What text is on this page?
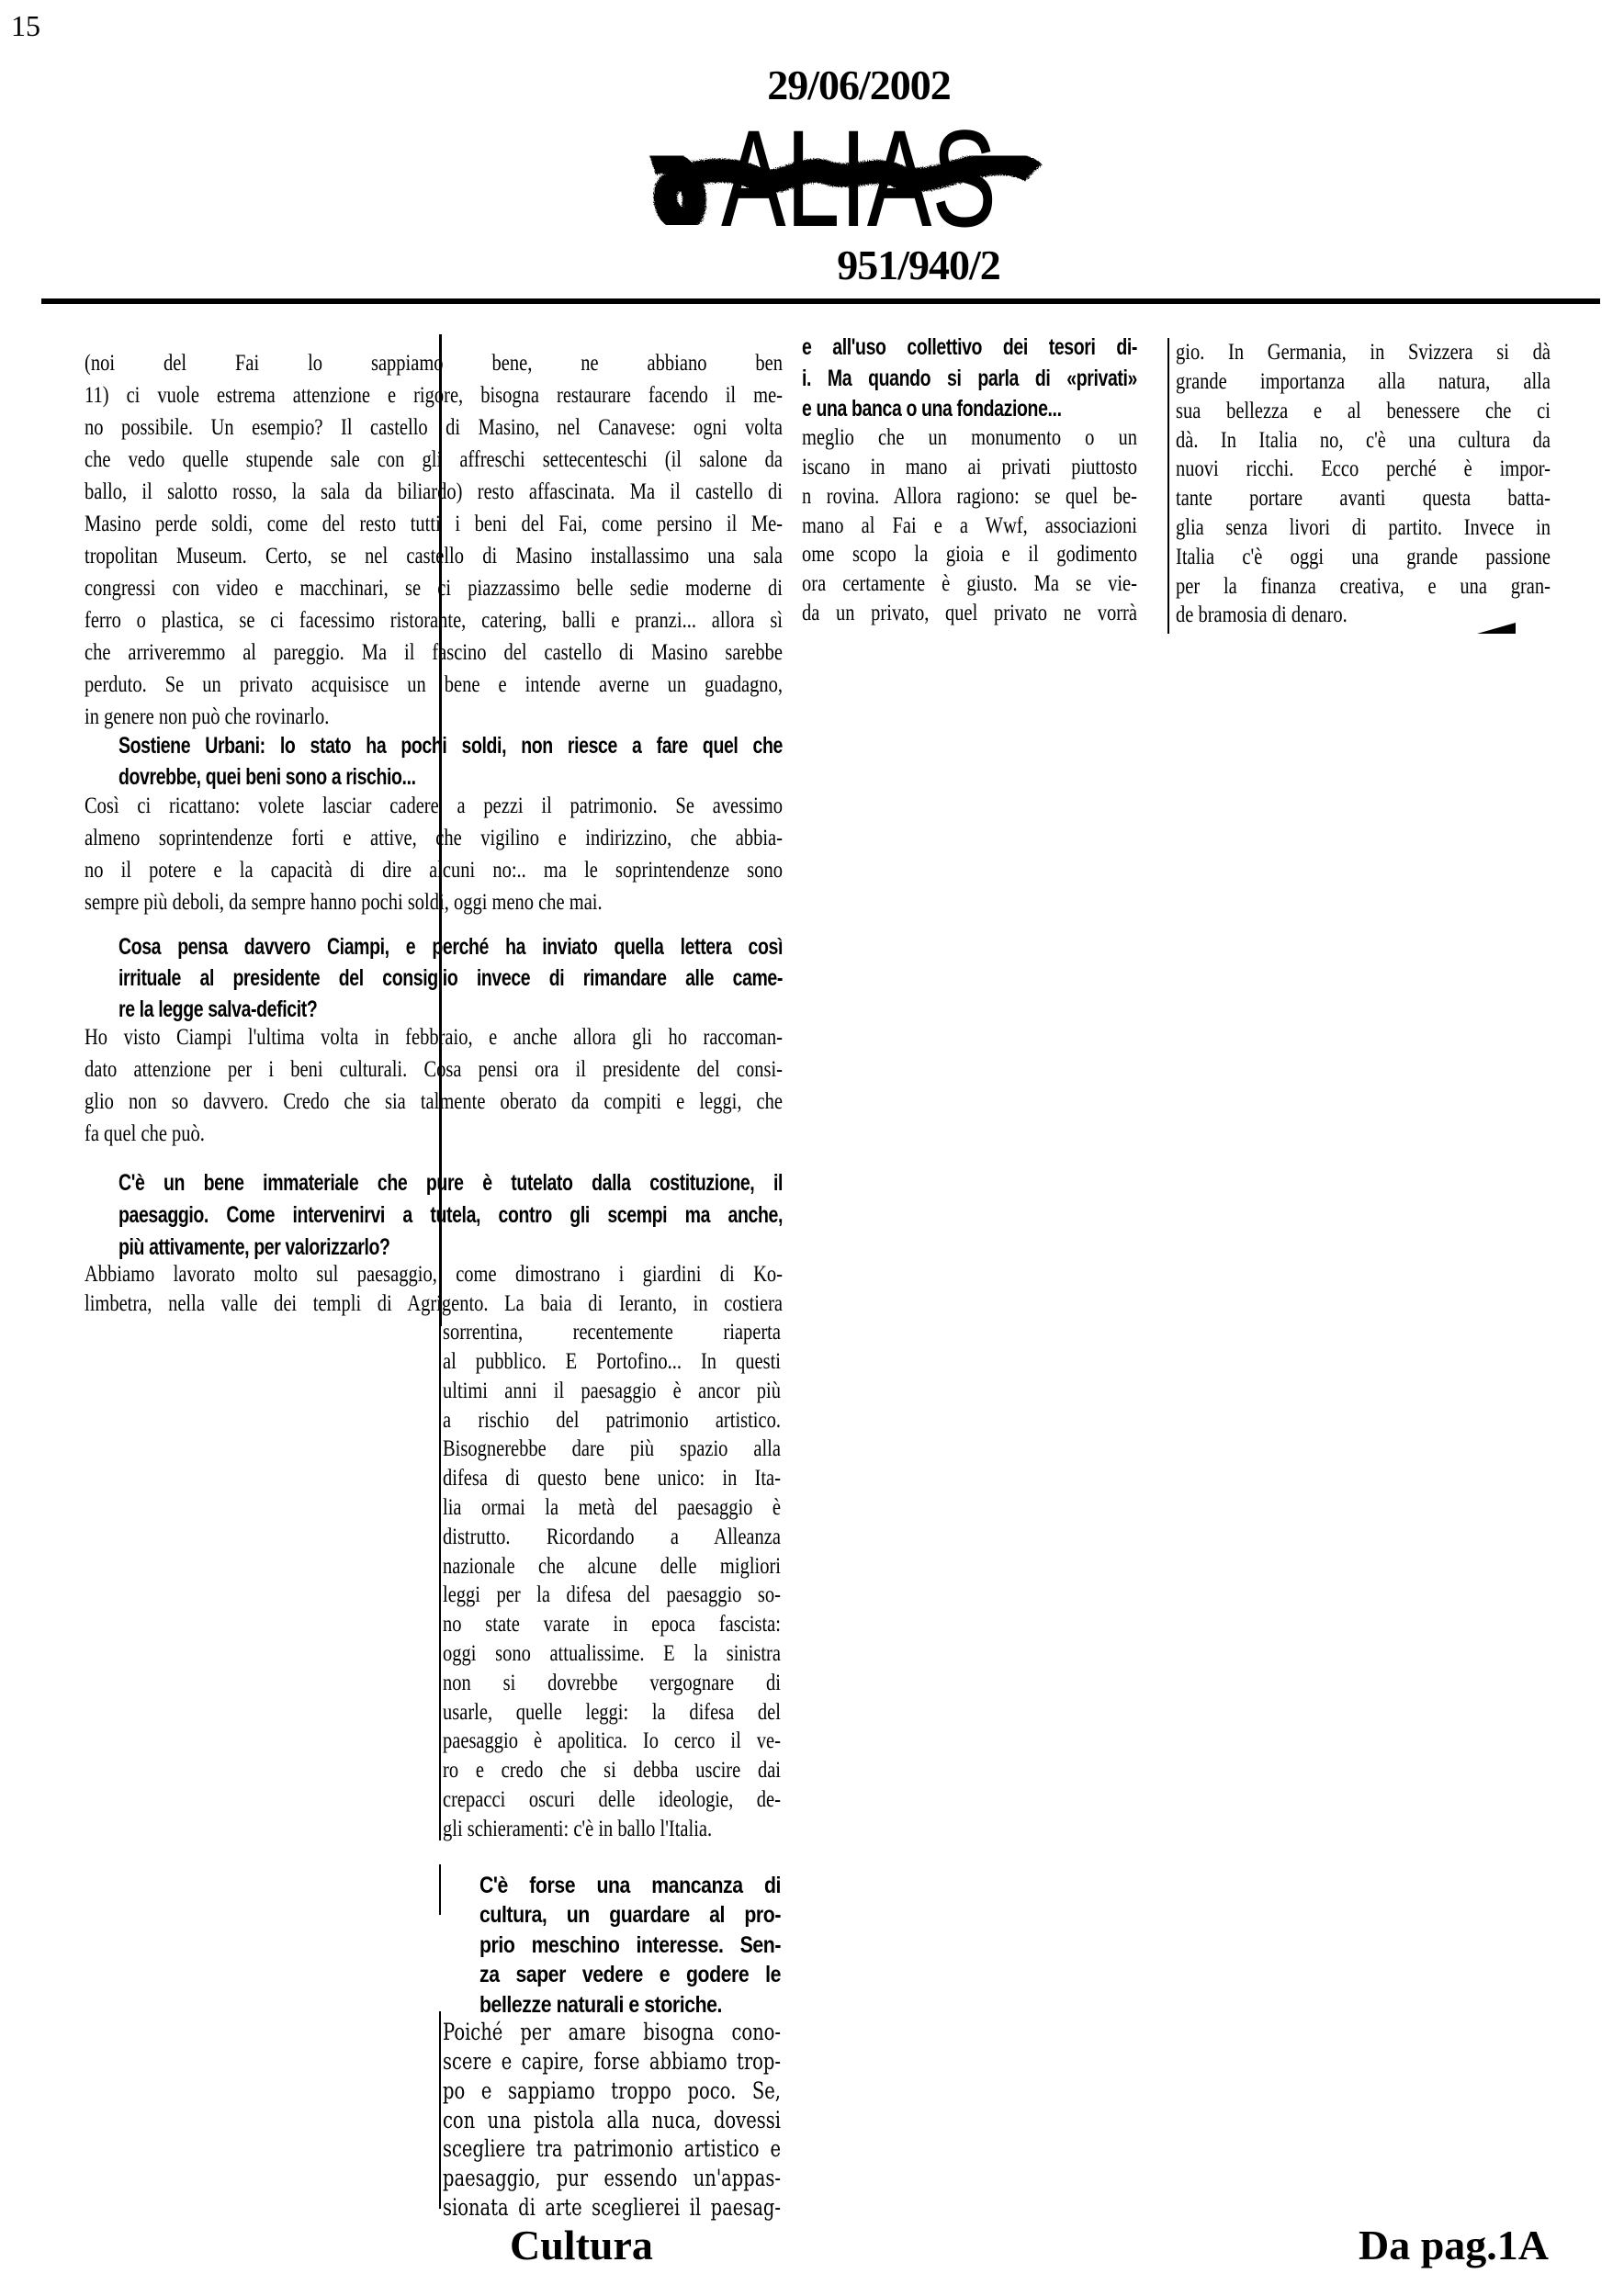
15
29/06/2002
ALIAS
951/940/2
(noi del Fai lo sappiamo bene, ne abbiano ben
11) ci vuole estrema attenzione e rigore, bisogna restaurare facendo il me-
no possibile. Un esempio? Il castello di Masino, nel Canavese: ogni volta
che vedo quelle stupende sale con gli affreschi settecenteschi (il salone da
ballo, il salotto rosso, la sala da biliardo) resto affascinata. Ma il castello di
Masino perde soldi, come del resto tutti i beni del Fai, come persino il Me-
tropolitan Museum. Certo, se nel castello di Masino installassimo una sala
congressi con video e macchinari, se ci piazzassimo belle sedie moderne di
ferro o plastica, se ci facessimo ristorante, catering, balli e pranzi... allora sì
che arriveremmo al pareggio. Ma il fascino del castello di Masino sarebbe
perduto. Se un privato acquisisce un bene e intende averne un guadagno,
in genere non può che rovinarlo.
Sostiene Urbani: lo stato ha pochi soldi, non riesce a fare quel che
dovrebbe, quei beni sono a rischio...
Così ci ricattano: volete lasciar cadere a pezzi il patrimonio. Se avessimo
almeno soprintendenze forti e attive, che vigilino e indirizzino, che abbia-
no il potere e la capacità di dire alcuni no:.. ma le soprintendenze sono
sempre più deboli, da sempre hanno pochi soldi, oggi meno che mai.
Cosa pensa davvero Ciampi, e perché ha inviato quella lettera così
irrituale al presidente del consiglio invece di rimandare alle came-
re la legge salva-deficit?
Ho visto Ciampi l'ultima volta in febbraio, e anche allora gli ho raccoman-
dato attenzione per i beni culturali. Cosa pensi ora il presidente del consi-
glio non so davvero. Credo che sia talmente oberato da compiti e leggi, che
fa quel che può.
C'è un bene immateriale che pure è tutelato dalla costituzione, il
paesaggio. Come intervenirvi a tutela, contro gli scempi ma anche,
più attivamente, per valorizzarlo?
Abbiamo lavorato molto sul paesaggio, come dimostrano i giardini di Ko-
limbetra, nella valle dei templi di Agrigento. La baia di Ieranto, in costiera
sorrentina, recentemente riaperta
al pubblico. E Portofino... In questi
ultimi anni il paesaggio è ancor più
a rischio del patrimonio artistico.
Bisognerebbe dare più spazio alla
difesa di questo bene unico: in Ita-
lia ormai la metà del paesaggio è
distrutto. Ricordando a Alleanza
nazionale che alcune delle migliori
leggi per la difesa del paesaggio so-
no state varate in epoca fascista:
oggi sono attualissime. E la sinistra
non si dovrebbe vergognare di
usarle, quelle leggi: la difesa del
paesaggio è apolitica. Io cerco il ve-
ro e credo che si debba uscire dai
crepacci oscuri delle ideologie, de-
gli schieramenti: c'è in ballo l'Italia.
C'è forse una mancanza di
cultura, un guardare al pro-
prio meschino interesse. Sen-
za saper vedere e godere le
bellezze naturali e storiche.
Poiché per amare bisogna cono-
scere e capire, forse abbiamo trop-
po e sappiamo troppo poco. Se,
con una pistola alla nuca, dovessi
scegliere tra patrimonio artistico e
paesaggio, pur essendo un'appas-
sionata di arte sceglierei il paesag-
e all'uso collettivo dei tesori di-
i. Ma quando si parla di «privati»
e una banca o una fondazione...
meglio che un monumento o un
iscano in mano ai privati piuttosto
n rovina. Allora ragiono: se quel be-
mano al Fai e a Wwf, associazioni
ome scopo la gioia e il godimento
ora certamente è giusto. Ma se vie-
da un privato, quel privato ne vorrà
gio. In Germania, in Svizzera si dà
grande importanza alla natura, alla
sua bellezza e al benessere che ci
dà. In Italia no, c'è una cultura da
nuovi ricchi. Ecco perché è impor-
tante portare avanti questa batta-
glia senza livori di partito. Invece in
Italia c'è oggi una grande passione
per la finanza creativa, e una gran-
de bramosia di denaro.
Cultura	Da pag.1A
